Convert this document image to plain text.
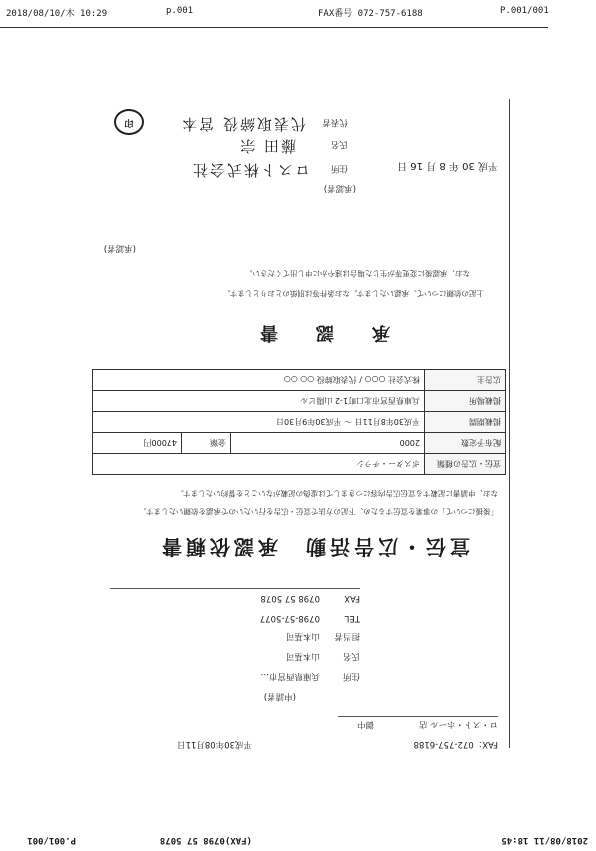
2018/08/10/木 10:29	p.001	FAX番号 072-757-6188	P.001/001
2018/08/11 18:45
(FAX)0798 57 5078
P.001/001
FAX：072-757-6188
平成30年08月11日
ロ・スト・ホール 店
御中
(申請者)
住所
兵庫県西宮市…
氏名
山本基司
担当者
山本基司
TEL
0798-57-5077
FAX
0798 57 5078
宣伝・広告活動　承認依頼書
「後援について」の事業を宣伝するため、下記の方法で宣伝・広告を行いたいので承認を依頼いたします。
なお、申請書に記載する宣伝広告内容につきましては虚偽の記載がないことを誓約いたします。
宣伝・広告の種類	ポスター・チラシ		
配布予定数	2000	金額	47000円
掲載期間	平成30年8月11日 ～ 平成30年9月30日		
掲載場所	兵庫県西宮市北口町1-2 山陽ビル		
広告主	株式会社 ○○○ / 代表取締役 ○○ ○○		
承　認　書
上記の依頼について、承認いたします。なお条件等は別紙のとおりとします。
なお、承認後に変更等が生じた場合は速やかに申し出てください。
(承認者)
平成 30 年 8 月 16 日
(承認者)
住所
ロスト株式会社
氏名
藤田 宗
代表者
代表取締役 宮本
印
